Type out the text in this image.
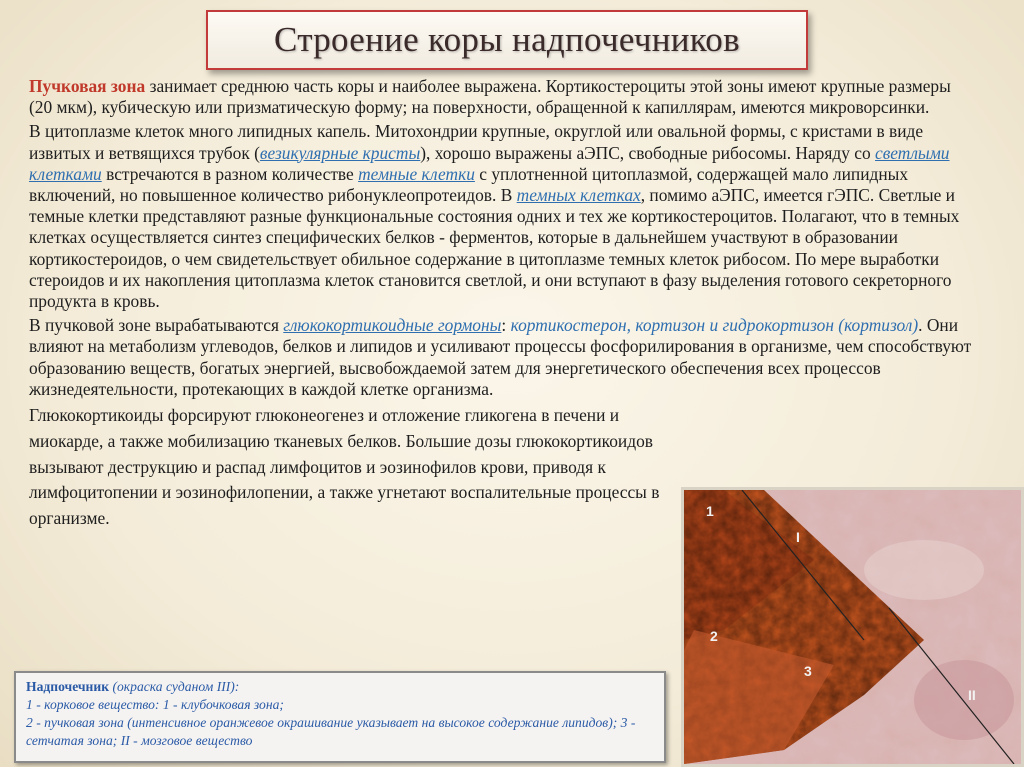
Строение коры надпочечников

Пучковая зона занимает среднюю часть коры и наиболее выражена. Кортикостероциты этой зоны имеют крупные размеры (20 мкм), кубическую или призматическую форму; на поверхности, обращенной к капиллярам, имеются микроворсинки.

В цитоплазме клеток много липидных капель. Митохондрии крупные, округлой или овальной формы, с кристами в виде извитых и ветвящихся трубок (везикулярные кристы), хорошо выражены аЭПС, свободные рибосомы. Наряду со светлыми клетками встречаются в разном количестве темные клетки с уплотненной цитоплазмой, содержащей мало липидных включений, но повышенное количество рибонуклеопротеидов. В темных клетках, помимо аЭПС, имеется гЭПС. Светлые и темные клетки представляют разные функциональные состояния одних и тех же кортикостероцитов. Полагают, что в темных клетках осуществляется синтез специфических белков - ферментов, которые в дальнейшем участвуют в образовании кортикостероидов, о чем свидетельствует обильное содержание в цитоплазме темных клеток рибосом. По мере выработки стероидов и их накопления цитоплазма клеток становится светлой, и они вступают в фазу выделения готового секреторного продукта в кровь.

В пучковой зоне вырабатываются глюкокортикоидные гормоны: кортикостерон, кортизон и гидрокортизон (кортизол). Они влияют на метаболизм углеводов, белков и липидов и усиливают процессы фосфорилирования в организме, чем способствуют образованию веществ, богатых энергией, высвобождаемой затем для энергетического обеспечения всех процессов жизнедеятельности, протекающих в каждой клетке организма.

Глюкокортикоиды форсируют глюконеогенез и отложение гликогена в печени и миокарде, а также мобилизацию тканевых белков. Большие дозы глюкокортикоидов вызывают деструкцию и распад лимфоцитов и эозинофилов крови, приводя к лимфоцитопении и эозинофилопении, а также угнетают воспалительные процессы в организме.	1
I
2
3
II
Надпочечник (окраска суданом III):
1 - корковое вещество: 1 - клубочковая зона;
2 - пучковая зона (интенсивное оранжевое окрашивание указывает на высокое содержание липидов); 3 - сетчатая зона; II - мозговое вещество
